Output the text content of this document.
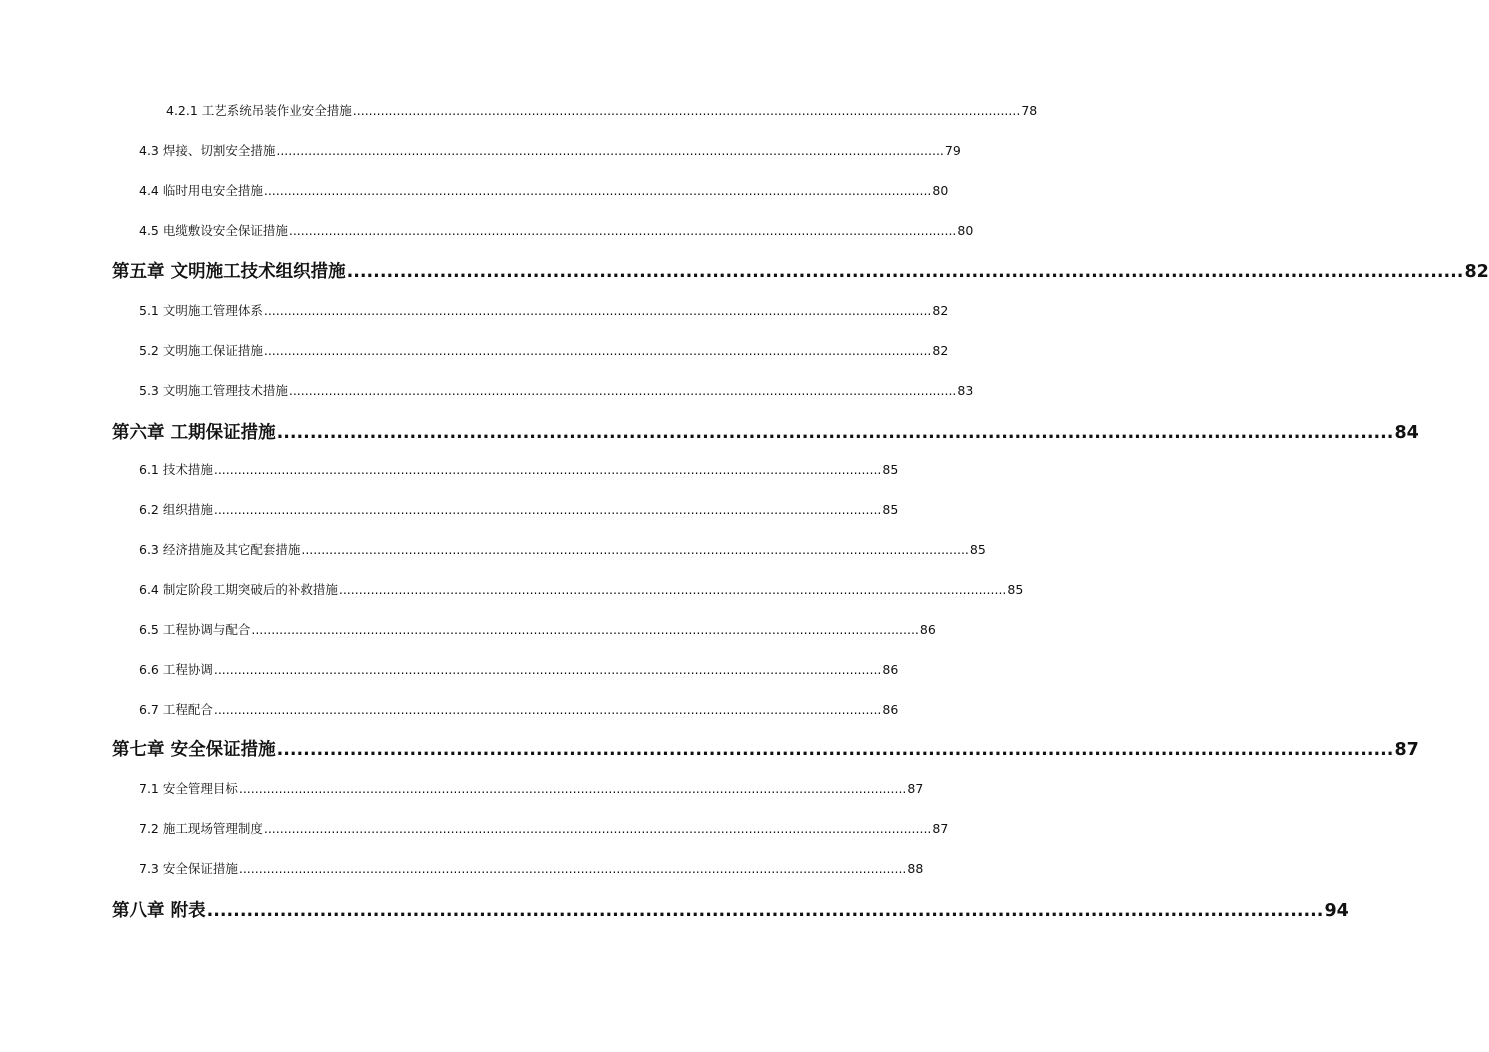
4.2.1 工艺系统吊装作业安全措施 ........................................................................................................................................................................ 78
4.3 焊接、切割安全措施 ........................................................................................................................................................................ 79
4.4 临时用电安全措施 ........................................................................................................................................................................ 80
4.5 电缆敷设安全保证措施 ........................................................................................................................................................................ 80
第五章 文明施工技术组织措施 ........................................................................................................................................................................ 82
5.1 文明施工管理体系 ........................................................................................................................................................................ 82
5.2 文明施工保证措施 ........................................................................................................................................................................ 82
5.3 文明施工管理技术措施 ........................................................................................................................................................................ 83
第六章 工期保证措施 ........................................................................................................................................................................ 84
6.1 技术措施 ........................................................................................................................................................................ 85
6.2 组织措施 ........................................................................................................................................................................ 85
6.3 经济措施及其它配套措施 ........................................................................................................................................................................ 85
6.4 制定阶段工期突破后的补救措施 ........................................................................................................................................................................ 85
6.5 工程协调与配合 ........................................................................................................................................................................ 86
6.6 工程协调 ........................................................................................................................................................................ 86
6.7 工程配合 ........................................................................................................................................................................ 86
第七章 安全保证措施 ........................................................................................................................................................................ 87
7.1 安全管理目标 ........................................................................................................................................................................ 87
7.2 施工现场管理制度 ........................................................................................................................................................................ 87
7.3 安全保证措施 ........................................................................................................................................................................ 88
第八章 附表 ........................................................................................................................................................................ 94
